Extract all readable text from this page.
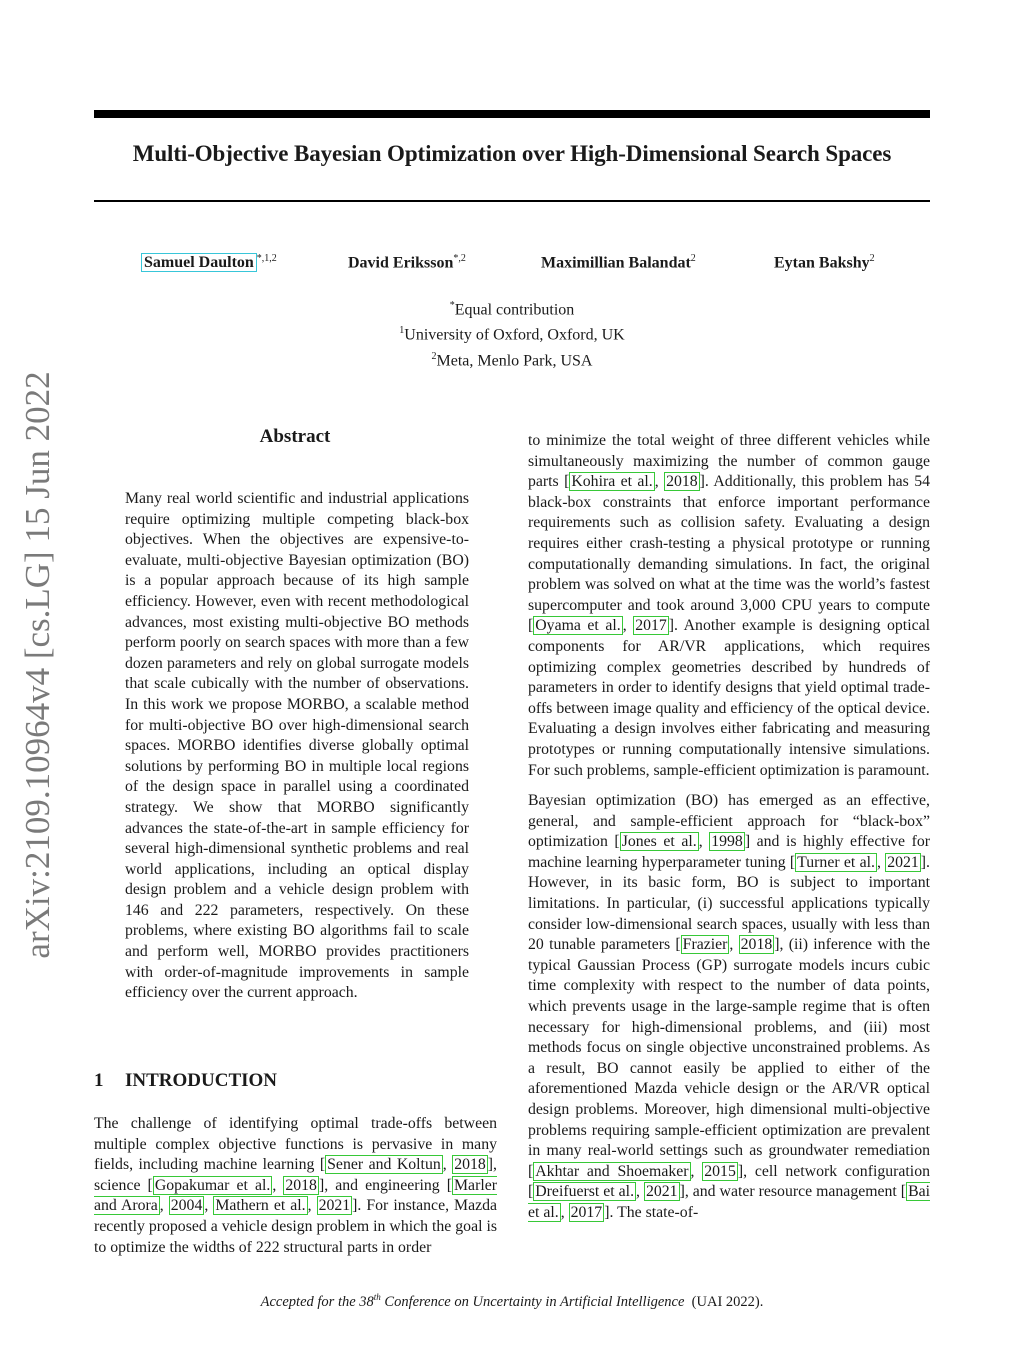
Multi-Objective Bayesian Optimization over High-Dimensional Search Spaces
arXiv:2109.10964v4 [cs.LG] 15 Jun 2022
Samuel Daulton $^{*,1,2}$	David Eriksson$^{*,2}$	Maximillian Balandat$^2$	Eytan Bakshy$^2$
*Equal contribution
$^1$University of Oxford, Oxford, UK
$^2$Meta, Menlo Park, USA
Abstract
Many real world scientific and industrial applications require optimizing multiple competing black-box objectives. When the objectives are expensive-to-evaluate, multi-objective Bayesian optimization (BO) is a popular approach because of its high sample efficiency. However, even with recent methodological advances, most existing multi-objective BO methods perform poorly on search spaces with more than a few dozen parameters and rely on global surrogate models that scale cubically with the number of observations. In this work we propose MORBO, a scalable method for multi-objective BO over high-dimensional search spaces. MORBO identifies diverse globally optimal solutions by performing BO in multiple local regions of the design space in parallel using a coordinated strategy. We show that MORBO significantly advances the state-of-the-art in sample efficiency for several high-dimensional synthetic problems and real world applications, including an optical display design problem and a vehicle design problem with 146 and 222 parameters, respectively. On these problems, where existing BO algorithms fail to scale and perform well, MORBO provides practitioners with order-of-magnitude improvements in sample efficiency over the current approach.
1 INTRODUCTION
The challenge of identifying optimal trade-offs between multiple complex objective functions is pervasive in many fields, including machine learning [ Sener and Koltun , 2018 ], science [ Gopakumar et al. , 2018 ], and engineering [ Marler and Arora , 2004 , Mathern et al. , 2021 ]. For instance, Mazda recently proposed a vehicle design problem in which the goal is to optimize the widths of 222 structural parts in order

to minimize the total weight of three different vehicles while simultaneously maximizing the number of common gauge parts [ Kohira et al. , 2018 ]. Additionally, this problem has 54 black-box constraints that enforce important performance requirements such as collision safety. Evaluating a design requires either crash-testing a physical prototype or running computationally demanding simulations. In fact, the original problem was solved on what at the time was the world’s fastest supercomputer and took around 3,000 CPU years to compute [ Oyama et al. , 2017 ]. Another example is designing optical components for AR/VR applications, which requires optimizing complex geometries described by hundreds of parameters in order to identify designs that yield optimal trade-offs between image quality and efficiency of the optical device. Evaluating a design involves either fabricating and measuring prototypes or running computationally intensive simulations. For such problems, sample-efficient optimization is paramount.

Bayesian optimization (BO) has emerged as an effective, general, and sample-efficient approach for “black-box” optimization [ Jones et al. , 1998 ] and is highly effective for machine learning hyperparameter tuning [ Turner et al. , 2021 ]. However, in its basic form, BO is subject to important limitations. In particular, (i) successful applications typically consider low-dimensional search spaces, usually with less than 20 tunable parameters [ Frazier , 2018 ], (ii) inference with the typical Gaussian Process (GP) surrogate models incurs cubic time complexity with respect to the number of data points, which prevents usage in the large-sample regime that is often necessary for high-dimensional problems, and (iii) most methods focus on single objective unconstrained problems. As a result, BO cannot easily be applied to either of the aforementioned Mazda vehicle design or the AR/VR optical design problems. Moreover, high dimensional multi-objective problems requiring sample-efficient optimization are prevalent in many real-world settings such as groundwater remediation [ Akhtar and Shoemaker , 2015 ], cell network configuration [ Dreifuerst et al. , 2021 ], and water resource management [ Bai et al. , 2017 ]. The state-of-

Accepted for the 38th Conference on Uncertainty in Artificial Intelligence (UAI 2022).
